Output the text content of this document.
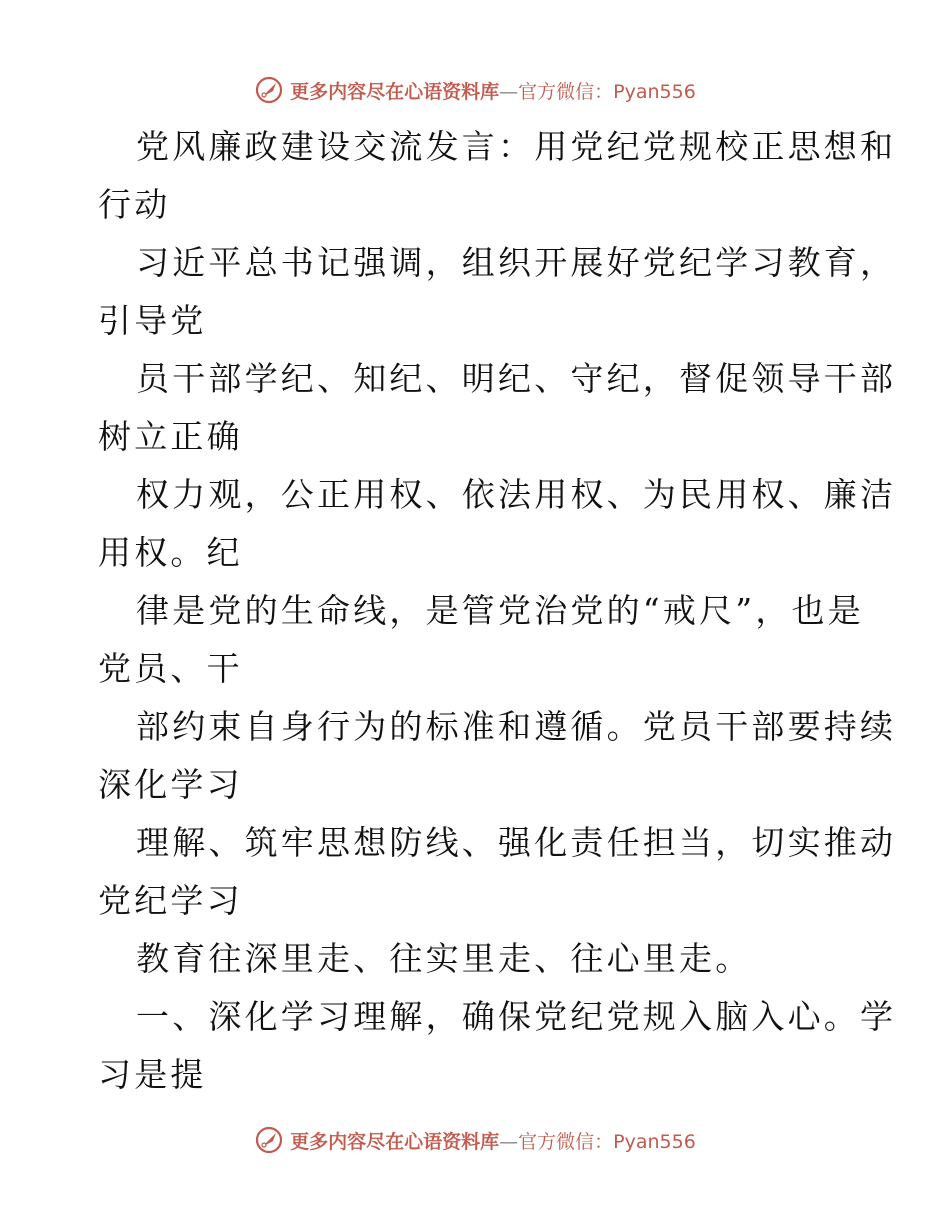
更多内容尽在心语资料库—官方微信：Pyan556
党风廉政建设交流发言：用党纪党规校正思想和
行动
习近平总书记强调，组织开展好党纪学习教育，
引导党
员干部学纪、知纪、明纪、守纪，督促领导干部
树立正确
权力观，公正用权、依法用权、为民用权、廉洁
用权。纪
律是党的生命线，是管党治党的“戒尺”，也是
党员、干
部约束自身行为的标准和遵循。党员干部要持续
深化学习
理解、筑牢思想防线、强化责任担当，切实推动
党纪学习
教育往深里走、往实里走、往心里走。
一、深化学习理解，确保党纪党规入脑入心。学
习是提
更多内容尽在心语资料库—官方微信：Pyan556
